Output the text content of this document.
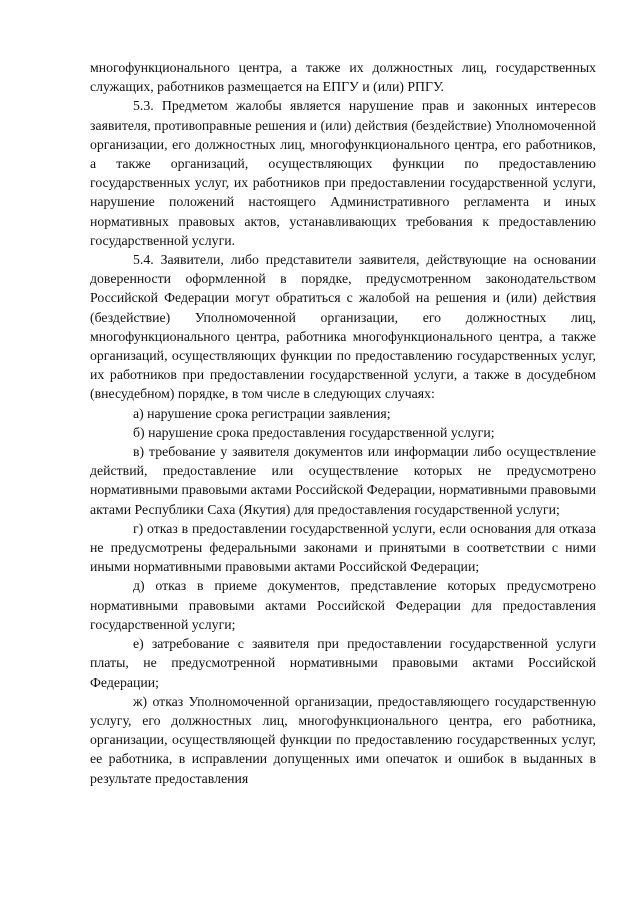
многофункционального центра, а также их должностных лиц, государственных служащих, работников размещается на ЕПГУ и (или) РПГУ.

5.3. Предметом жалобы является нарушение прав и законных интересов заявителя, противоправные решения и (или) действия (бездействие) Уполномоченной организации, его должностных лиц, многофункционального центра, его работников, а также организаций, осуществляющих функции по предоставлению государственных услуг, их работников при предоставлении государственной услуги, нарушение положений настоящего Административного регламента и иных нормативных правовых актов, устанавливающих требования к предоставлению государственной услуги.

5.4. Заявители, либо представители заявителя, действующие на основании доверенности оформленной в порядке, предусмотренном законодательством Российской Федерации могут обратиться с жалобой на решения и (или) действия (бездействие) Уполномоченной организации, его должностных лиц, многофункционального центра, работника многофункционального центра, а также организаций, осуществляющих функции по предоставлению государственных услуг, их работников при предоставлении государственной услуги, а также в досудебном (внесудебном) порядке, в том числе в следующих случаях:

а) нарушение срока регистрации заявления;

б) нарушение срока предоставления государственной услуги;

в) требование у заявителя документов или информации либо осуществление действий, предоставление или осуществление которых не предусмотрено нормативными правовыми актами Российской Федерации, нормативными правовыми актами Республики Саха (Якутия) для предоставления государственной услуги;

г) отказ в предоставлении государственной услуги, если основания для отказа не предусмотрены федеральными законами и принятыми в соответствии с ними иными нормативными правовыми актами Российской Федерации;

д) отказ в приеме документов, представление которых предусмотрено нормативными правовыми актами Российской Федерации для предоставления государственной услуги;

е) затребование с заявителя при предоставлении государственной услуги платы, не предусмотренной нормативными правовыми актами Российской Федерации;

ж) отказ Уполномоченной организации, предоставляющего государственную услугу, его должностных лиц, многофункционального центра, его работника, организации, осуществляющей функции по предоставлению государственных услуг, ее работника, в исправлении допущенных ими опечаток и ошибок в выданных в результате предоставления
